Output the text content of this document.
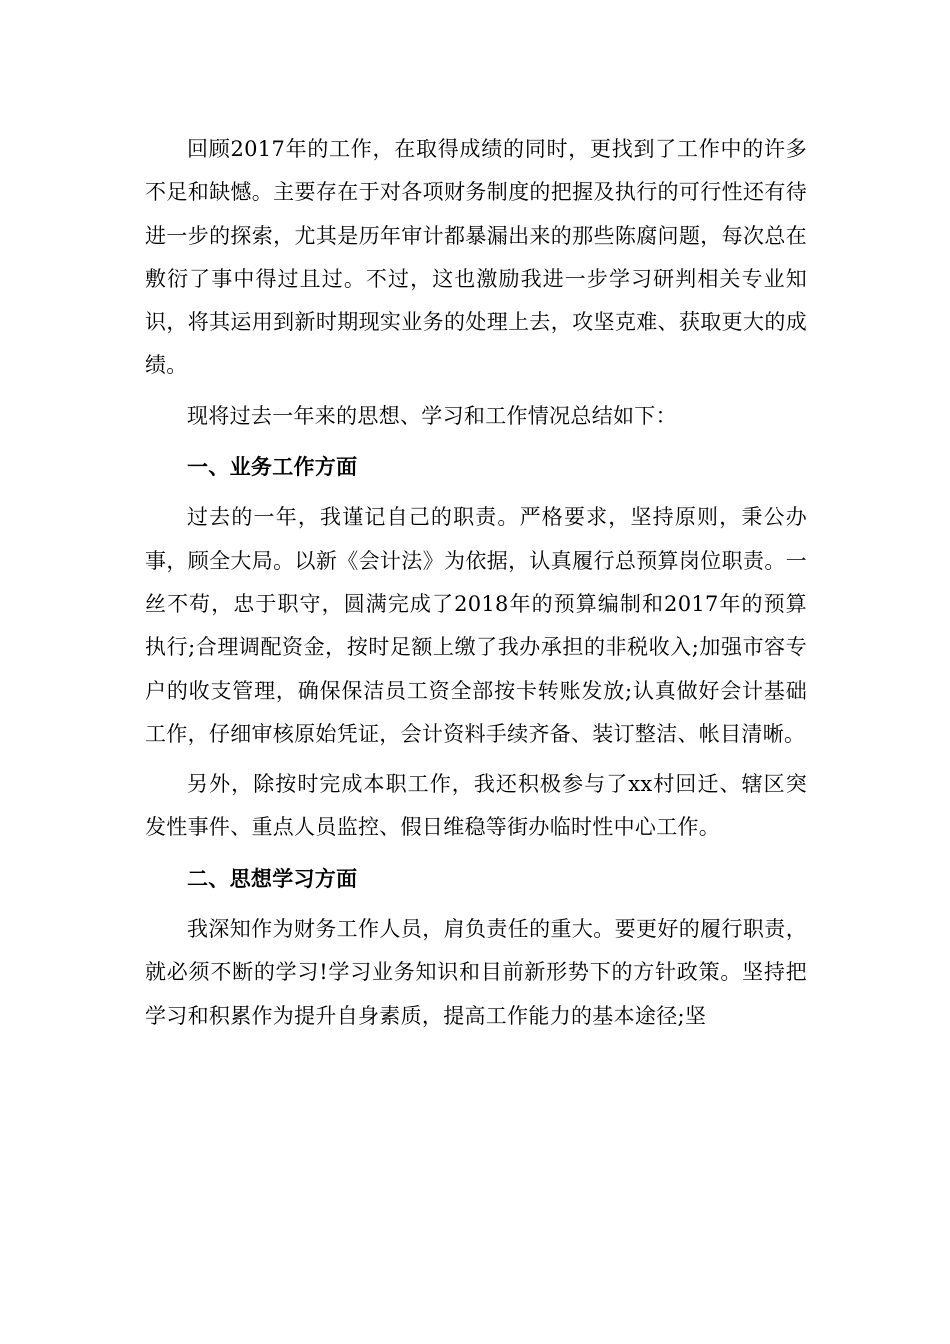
回顾2017年的工作，在取得成绩的同时，更找到了工作中的许多不足和缺憾。主要存在于对各项财务制度的把握及执行的可行性还有待进一步的探索，尤其是历年审计都暴漏出来的那些陈腐问题，每次总在敷衍了事中得过且过。不过，这也激励我进一步学习研判相关专业知识，将其运用到新时期现实业务的处理上去，攻坚克难、获取更大的成绩。

现将过去一年来的思想、学习和工作情况总结如下：

一、业务工作方面

过去的一年，我谨记自己的职责。严格要求，坚持原则，秉公办事，顾全大局。以新《会计法》为依据，认真履行总预算岗位职责。一丝不苟，忠于职守，圆满完成了2018年的预算编制和2017年的预算执行;合理调配资金，按时足额上缴了我办承担的非税收入;加强市容专户的收支管理，确保保洁员工资全部按卡转账发放;认真做好会计基础工作，仔细审核原始凭证，会计资料手续齐备、装订整洁、帐目清晰。

另外，除按时完成本职工作，我还积极参与了xx村回迁、辖区突发性事件、重点人员监控、假日维稳等街办临时性中心工作。

二、思想学习方面

我深知作为财务工作人员，肩负责任的重大。要更好的履行职责，就必须不断的学习!学习业务知识和目前新形势下的方针政策。坚持把学习和积累作为提升自身素质，提高工作能力的基本途径;坚
